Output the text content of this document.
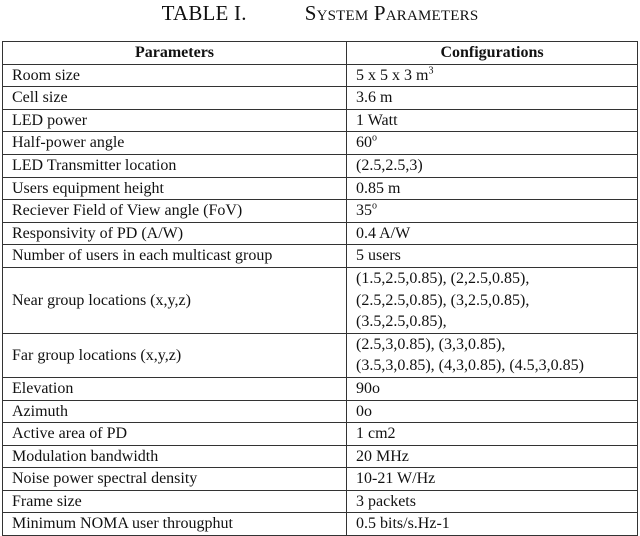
TABLE I.	System Parameters
Parameters	Configurations
Room size	5 x 5 x 3 $m^3$
Cell size	3.6 m
LED power	1 Watt
Half-power angle	60$^o$
LED Transmitter location	(2.5,2.5,3)
Users equipment height	0.85 m
Reciever Field of View angle (FoV)	35$^o$
Responsivity of PD (A/W)	0.4 A/W
Number of users in each multicast group	5 users
Near group locations (x,y,z)	(1.5,2.5,0.85), (2,2.5,0.85),
(2.5,2.5,0.85), (3,2.5,0.85),
(3.5,2.5,0.85),

Far group locations (x,y,z)	(2.5,3,0.85), (3,3,0.85),
(3.5,3,0.85), (4,3,0.85), (4.5,3,0.85)

Elevation	90o
Azimuth	0o
Active area of PD	1 cm2
Modulation bandwidth	20 MHz
Noise power spectral density	10-21 W/Hz
Frame size	3 packets
Minimum NOMA user througphut	0.5 bits/s.Hz-1
